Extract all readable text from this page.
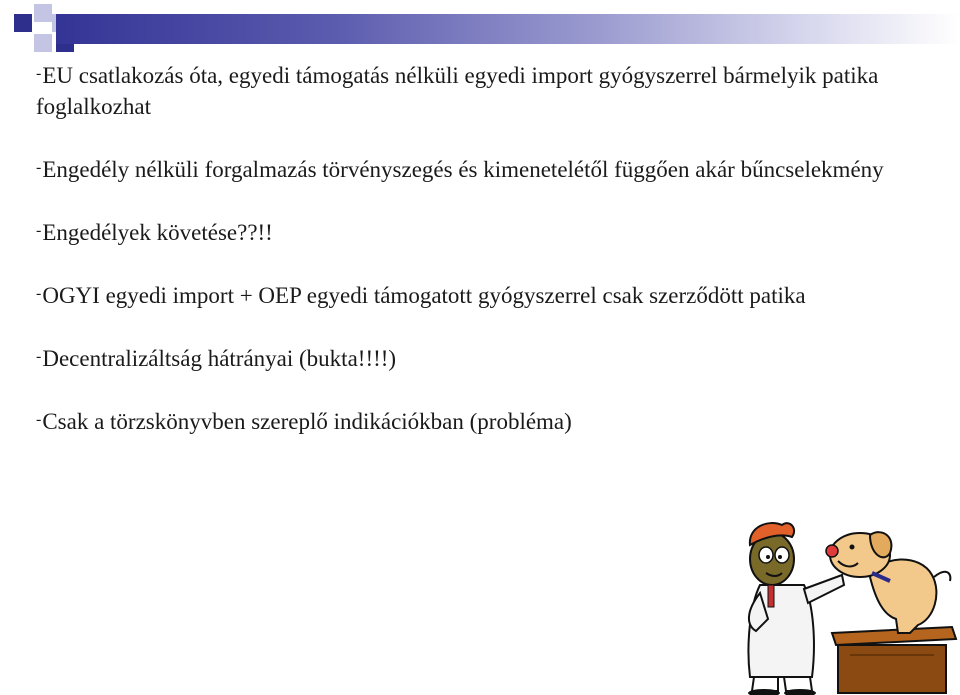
-EU csatlakozás óta, egyedi támogatás nélküli egyedi import gyógyszerrel bármelyik patika foglalkozhat
-Engedély nélküli forgalmazás törvényszegés és kimenetelétől függően akár bűncselekmény
-Engedélyek követése??!!
-OGYI egyedi import + OEP egyedi támogatott gyógyszerrel csak szerződött patika
-Decentralizáltság hátrányai (bukta!!!!)
-Csak a törzskönyvben szereplő indikációkban (probléma)
